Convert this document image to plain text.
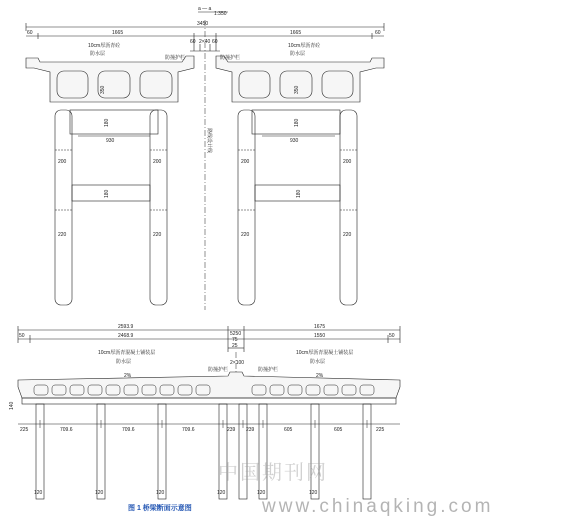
a — a
1:350
3450
60	60
1665	1665
60 2×40 60
10cm厚沥青砼
防水层
防撞护栏	防撞护栏
10cm厚沥青砼
防水层
350	350
180	180
930	930
180	180
200	200	200	200
220	220	220	220
路线设计线
2593.9
2468.9
1675
1550
50	50
5250
75
25
2×100
10cm厚沥青混凝土铺装层	10cm厚沥青混凝土铺装层
防水层	防水层
防撞护栏	防撞护栏
2%	2%
140
225	709.6	709.6	709.6	239 239	605	605	225
120	120	120	120	120	120
中国期刊网
www.chinaqking.com
图 1 桥梁断面示意图
